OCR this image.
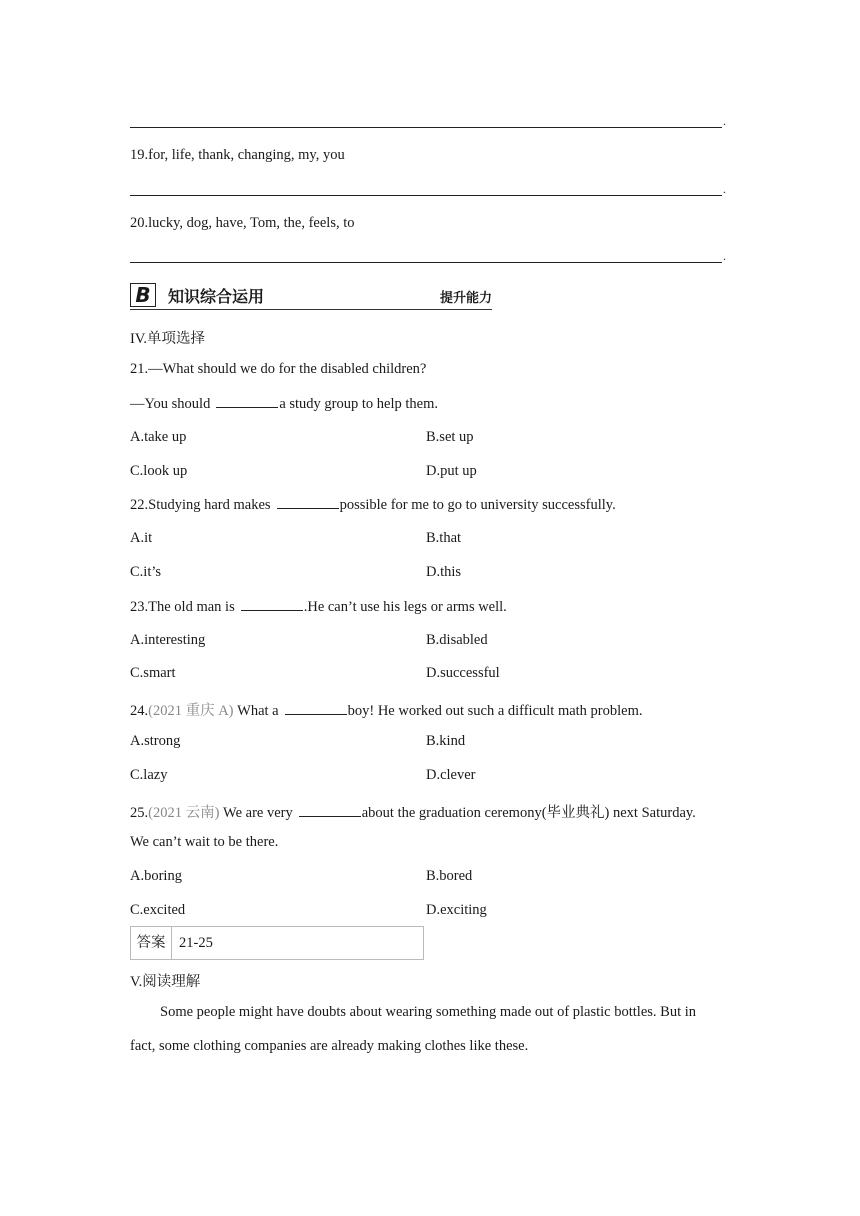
.
19.for, life, thank, changing, my, you
.
20.lucky, dog, have, Tom, the, feels, to
.
B	知识综合运用	提升能力
IV.单项选择
21.—What should we do for the disabled children?
—You should	a study group to help them.
A.take up	B.set up
C.look up	D.put up
22.Studying hard makes	possible for me to go to university successfully.
A.it	B.that
C.it’s	D.this
23.The old man is	.He can’t use his legs or arms well.
A.interesting	B.disabled
C.smart	D.successful
24.(2021 重庆 A) What a	boy! He worked out such a difficult math problem.
A.strong	B.kind
C.lazy	D.clever
25.(2021 云南) We are very	about the graduation ceremony(毕业典礼) next Saturday.
We can’t wait to be there.
A.boring	B.bored
C.excited	D.exciting
答案 21-25
V.阅读理解
Some people might have doubts about wearing something made out of plastic bottles. But in
fact, some clothing companies are already making clothes like these.
